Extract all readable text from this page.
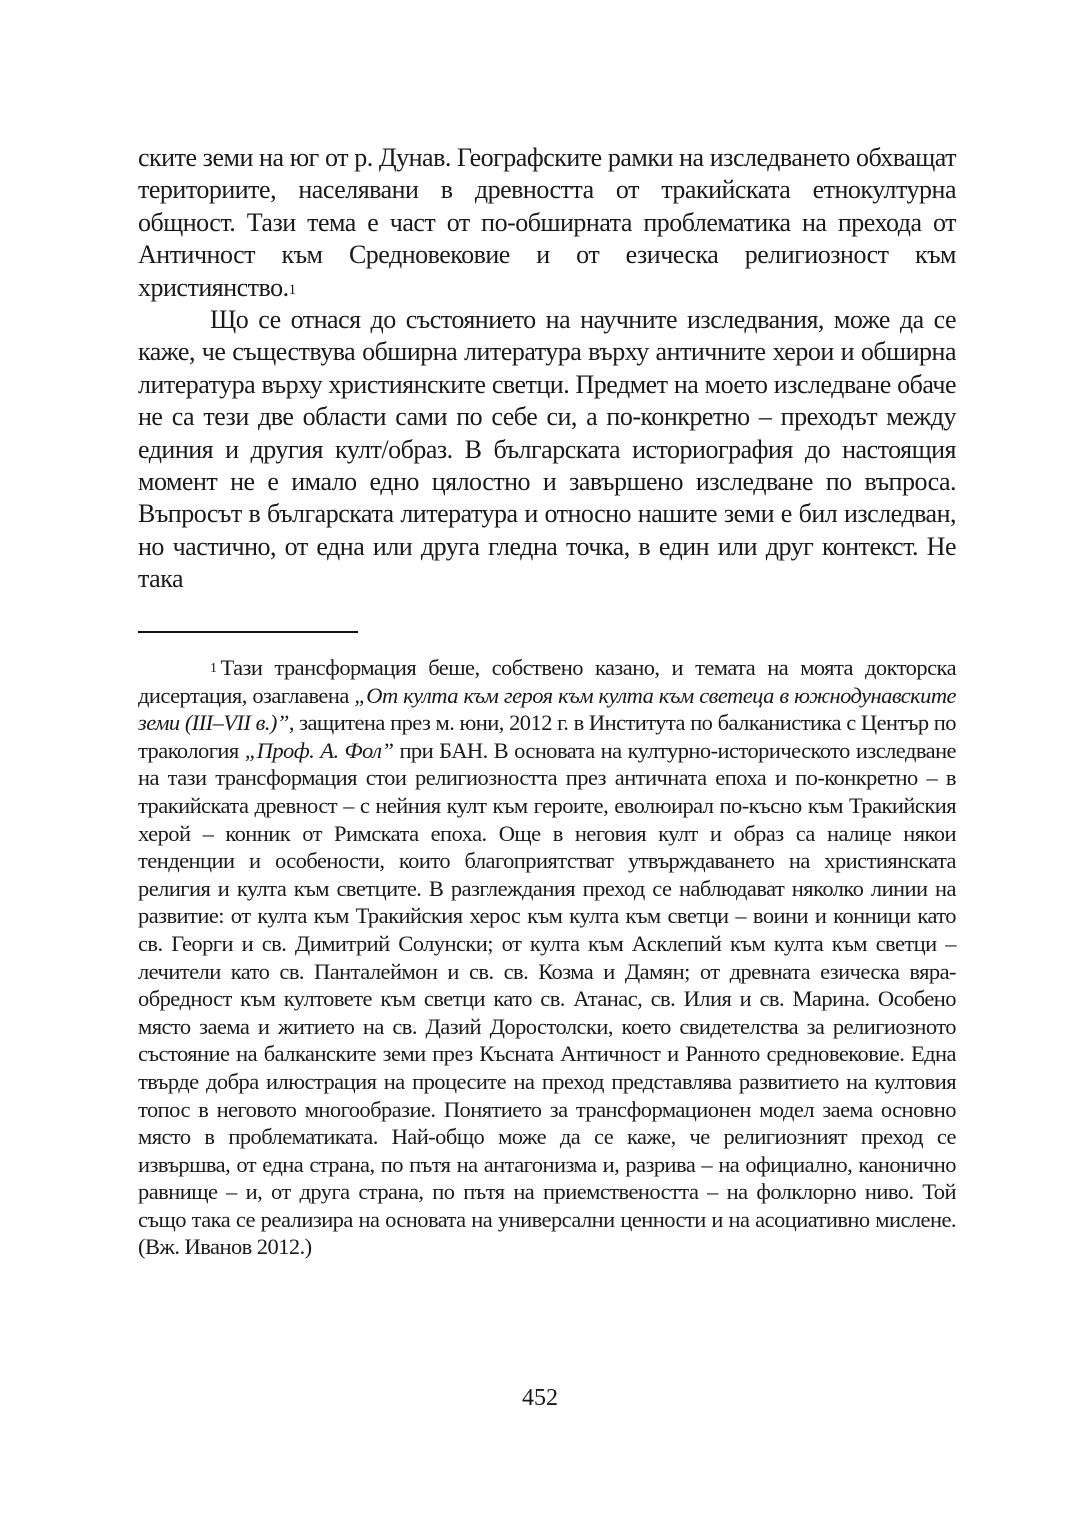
ските земи на юг от р. Дунав. Географските рамки на изследването обхващат териториите, населявани в древността от тракийската етнокултурна общност. Тази тема е част от по-обширната проблематика на прехода от Античност към Средновековие и от езическа религиозност към християнство.$^1$

Що се отнася до състоянието на научните изследвания, може да се каже, че съществува обширна литература върху античните херои и обширна литература върху християнските светци. Предмет на моето изследване обаче не са тези две области сами по себе си, а по-конкретно – преходът между единия и другия култ/образ. В българската историография до настоящия момент не е имало едно цялостно и завършено изследване по въпроса. Въпросът в българската литература и относно нашите земи е бил изследван, но частично, от една или друга гледна точка, в един или друг контекст. Не така

$^1$ Тази трансформация беше, собствено казано, и темата на моята докторска дисертация, озаглавена „От култа към героя към култа към светеца в южнодунавските земи (III–VII в.)”, защитена през м. юни, 2012 г. в Института по балканистика с Център по тракология „Проф. А. Фол” при БАН. В основата на културно-историческото изследване на тази трансформация стои религиозността през античната епоха и по-конкретно – в тракийската древност – с нейния култ към героите, еволюирал по-късно към Тракийския херой – конник от Римската епоха. Още в неговия култ и образ са налице някои тенденции и особености, които благоприятстват утвърждаването на християнската религия и култа към светците. В разглеждания преход се наблюдават няколко линии на развитие: от култа към Тракийския херос към култа към светци – воини и конници като св. Георги и св. Димитрий Солунски; от култа към Асклепий към култа към светци – лечители като св. Панталеймон и св. св. Козма и Дамян; от древната езическа вяра-обредност към култовете към светци като св. Атанас, св. Илия и св. Марина. Особено място заема и житието на св. Дазий Доростолски, което свидетелства за религиозното състояние на балканските земи през Късната Античност и Ранното средновековие. Една твърде добра илюстрация на процесите на преход представлява развитието на култовия топос в неговото многообразие. Понятието за трансформационен модел заема основно място в проблематиката. Най-общо може да се каже, че религиозният преход се извършва, от една страна, по пътя на антагонизма и, разрива – на официално, канонично равнище – и, от друга страна, по пътя на приемствеността – на фолклорно ниво. Той също така се реализира на основата на универсални ценности и на асоциативно мислене. (Вж. Иванов 2012.)

452
